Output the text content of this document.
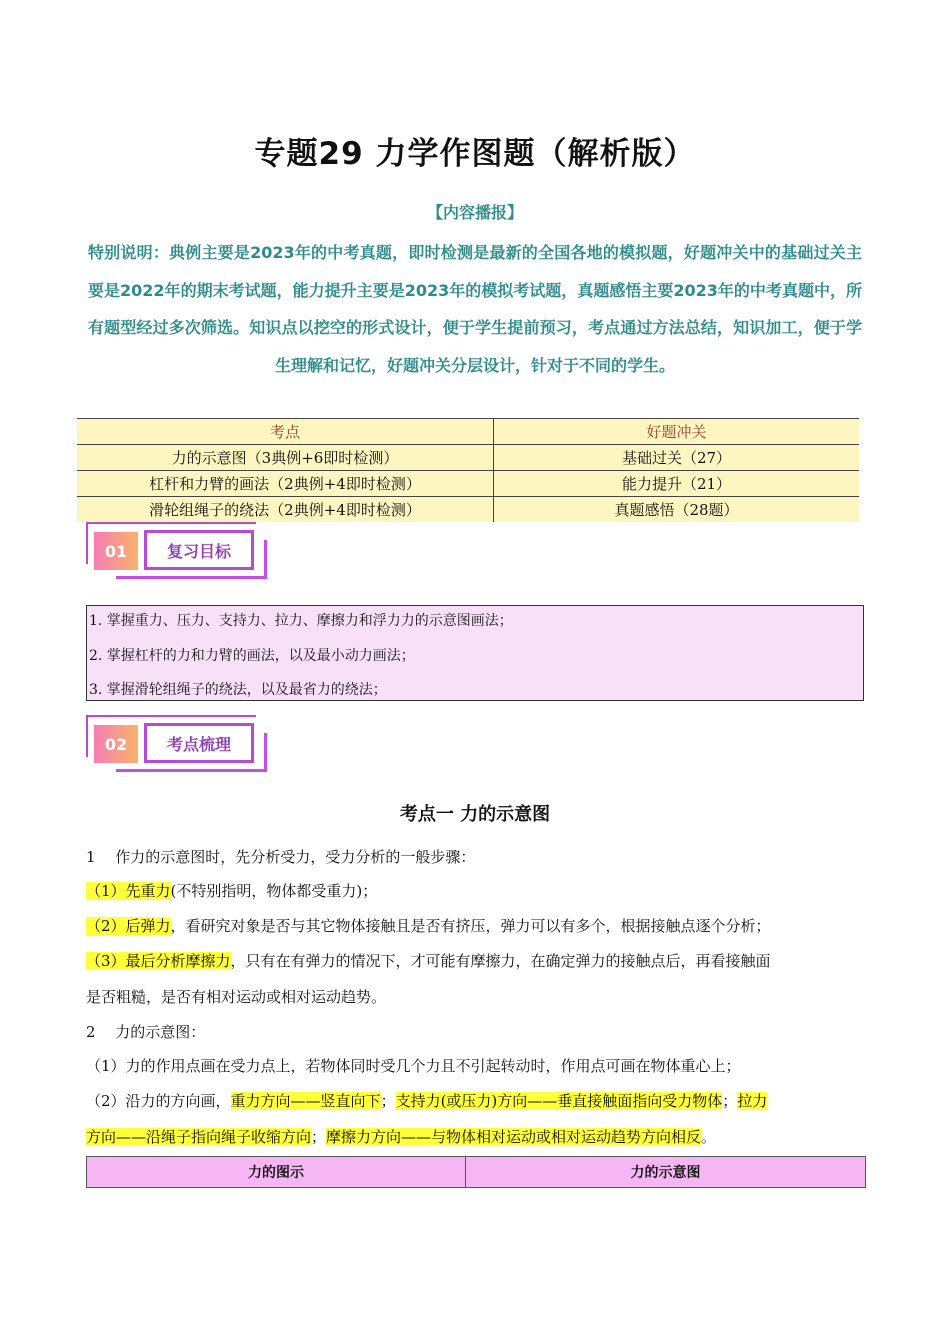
专题29 力学作图题（解析版）
【内容播报】
特别说明：典例主要是2023年的中考真题，即时检测是最新的全国各地的模拟题，好题冲关中的基础过关主要是2022年的期末考试题，能力提升主要是2023年的模拟考试题，真题感悟主要2023年的中考真题中，所有题型经过多次筛选。知识点以挖空的形式设计，便于学生提前预习，考点通过方法总结，知识加工，便于学生理解和记忆，好题冲关分层设计，针对于不同的学生。
考点	好题冲关
力的示意图（3典例+6即时检测）	基础过关（27）
杠杆和力臂的画法（2典例+4即时检测）	能力提升（21）
滑轮组绳子的绕法（2典例+4即时检测）	真题感悟（28题）
01	复习目标
1. 掌握重力、压力、支持力、拉力、摩擦力和浮力力的示意图画法；
2. 掌握杠杆的力和力臂的画法，以及最小动力画法；
3. 掌握滑轮组绳子的绕法，以及最省力的绕法；
02	考点梳理
考点一 力的示意图
1　 作力的示意图时，先分析受力，受力分析的一般步骤：
（1）先重力(不特别指明，物体都受重力)；
（2）后弹力，看研究对象是否与其它物体接触且是否有挤压，弹力可以有多个，根据接触点逐个分析；
（3）最后分析摩擦力，只有在有弹力的情况下，才可能有摩擦力，在确定弹力的接触点后，再看接触面
是否粗糙，是否有相对运动或相对运动趋势。
2　 力的示意图：
（1）力的作用点画在受力点上，若物体同时受几个力且不引起转动时，作用点可画在物体重心上；
（2）沿力的方向画，重力方向——竖直向下；支持力(或压力)方向——垂直接触面指向受力物体；拉力
方向——沿绳子指向绳子收缩方向；摩擦力方向——与物体相对运动或相对运动趋势方向相反。
力的图示	力的示意图
